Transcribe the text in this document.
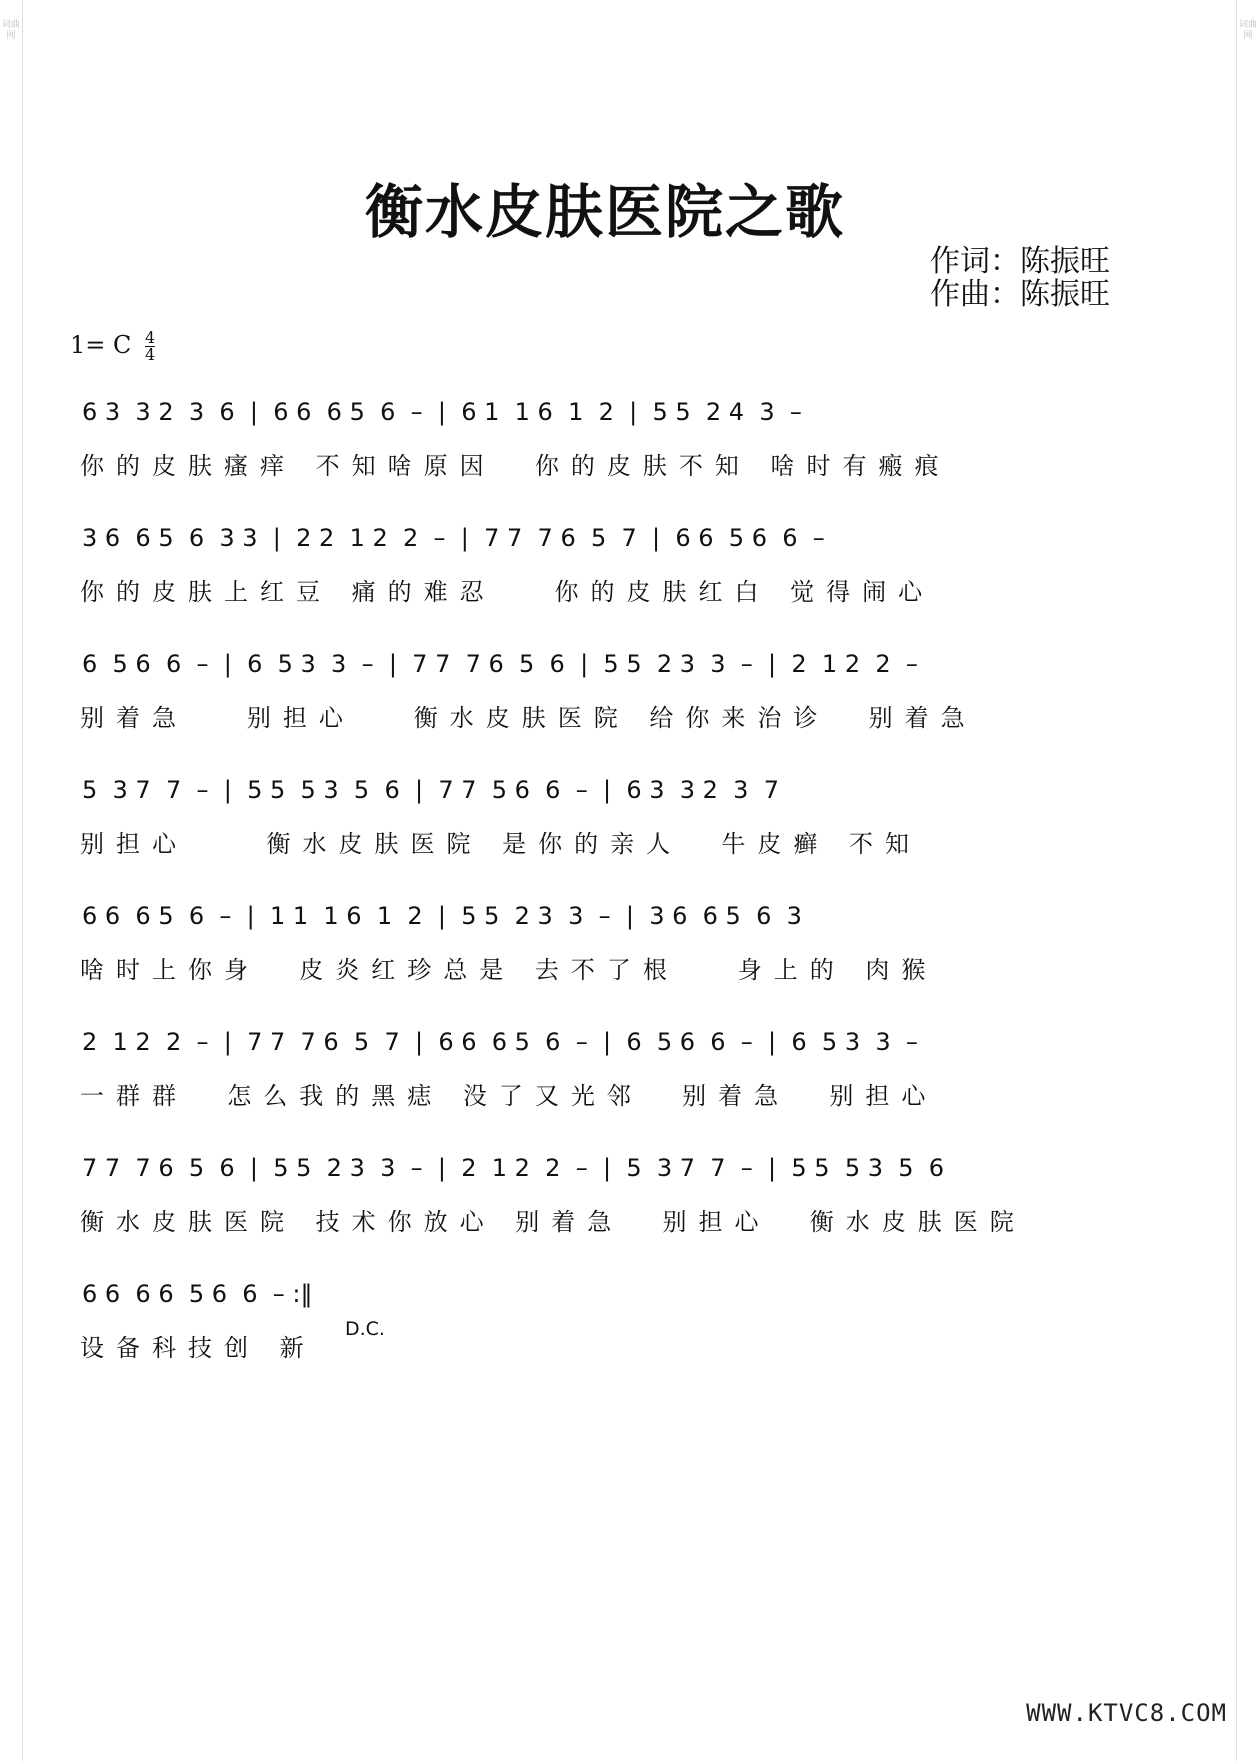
衡水皮肤医院之歌
作词：陈振旺
作曲：陈振旺
1= C $\frac{4}{4}$
6 3  3 2  3  6  |  6 6  6 5  6  –  |  6 1  1 6  1  2  |  5 5  2 4  3  –
你的皮肤瘙痒 不知啥原因  你的皮肤不知 啥时有瘢痕
3 6  6 5  6  3 3  |  2 2  1 2  2  –  |  7 7  7 6  5  7  |  6 6  5 6  6  –
你的皮肤上红豆 痛的难忍   你的皮肤红白 觉得闹心
6  5 6  6  –  |  6  5 3  3  –  |  7 7  7 6  5  6  |  5 5  2 3  3  –  |  2  1 2  2  –
别着急   别担心   衡水皮肤医院 给你来治诊  别着急
5  3 7  7  –  |  5 5  5 3  5  6  |  7 7  5 6  6  –  |  6 3  3 2  3  7
别担心    衡水皮肤医院 是你的亲人  牛皮癣 不知
6 6  6 5  6  –  |  1 1  1 6  1  2  |  5 5  2 3  3  –  |  3 6  6 5  6  3
啥时上你身  皮炎红珍总是 去不了根   身上的 肉猴
2  1 2  2  –  |  7 7  7 6  5  7  |  6 6  6 5  6  –  |  6  5 6  6  –  |  6  5 3  3  –
一群群  怎么我的黑痣 没了又光邻  别着急  别担心
7 7  7 6  5  6  |  5 5  2 3  3  –  |  2  1 2  2  –  |  5  3 7  7  –  |  5 5  5 3  5  6
衡水皮肤医院 技术你放心 别着急  别担心  衡水皮肤医院
6 6  6 6  5 6  6  – :‖
设备科技创 新
D.C.
WWW.KTVC8.COM
词曲网
词曲网
